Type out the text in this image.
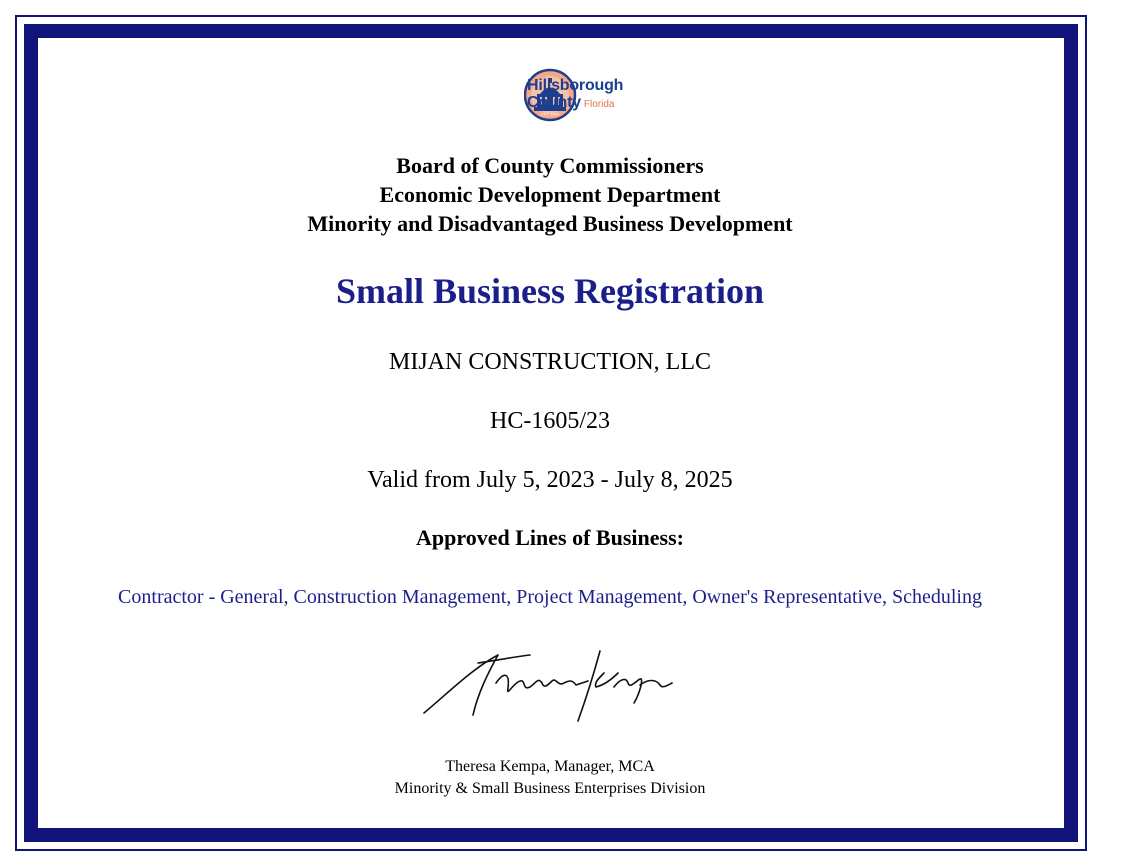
EST. 1834
Hillsborough
County Florida
Board of County Commissioners
Economic Development Department
Minority and Disadvantaged Business Development
Small Business Registration
MIJAN CONSTRUCTION, LLC
HC-1605/23
Valid from July 5, 2023 - July 8, 2025
Approved Lines of Business:
Contractor - General, Construction Management, Project Management, Owner's Representative, Scheduling
Theresa Kempa, Manager, MCA
Minority & Small Business Enterprises Division
